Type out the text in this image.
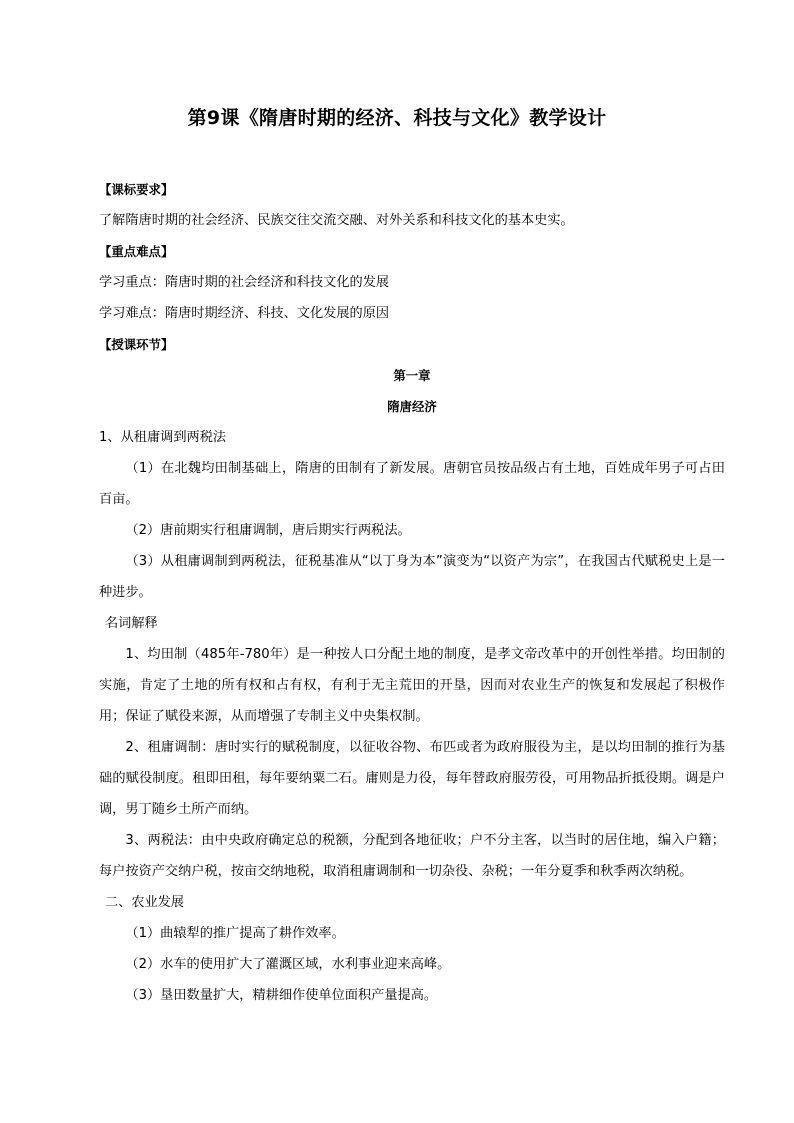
第9课《隋唐时期的经济、科技与文化》教学设计

【课标要求】

了解隋唐时期的社会经济、民族交往交流交融、对外关系和科技文化的基本史实。

【重点难点】

学习重点：隋唐时期的社会经济和科技文化的发展

学习难点：隋唐时期经济、科技、文化发展的原因

【授课环节】

第一章

隋唐经济

1、从租庸调到两税法

（1）在北魏均田制基础上，隋唐的田制有了新发展。唐朝官员按品级占有土地，百姓成年男子可占田百亩。

（2）唐前期实行租庸调制，唐后期实行两税法。

（3）从租庸调制到两税法，征税基准从“以丁身为本”演变为“以资产为宗”，在我国古代赋税史上是一种进步。

名词解释

1、均田制（485年-780年）是一种按人口分配土地的制度，是孝文帝改革中的开创性举措。均田制的实施，肯定了土地的所有权和占有权，有利于无主荒田的开垦，因而对农业生产的恢复和发展起了积极作用；保证了赋役来源，从而增强了专制主义中央集权制。

2、租庸调制：唐时实行的赋税制度，以征收谷物、布匹或者为政府服役为主，是以均田制的推行为基础的赋役制度。租即田租，每年要纳粟二石。庸则是力役，每年替政府服劳役，可用物品折抵役期。调是户调，男丁随乡土所产而纳。

3、两税法：由中央政府确定总的税额，分配到各地征收；户不分主客，以当时的居住地，编入户籍；每户按资产交纳户税，按亩交纳地税，取消租庸调制和一切杂役、杂税；一年分夏季和秋季两次纳税。

二、农业发展

（1）曲辕犁的推广提高了耕作效率。

（2）水车的使用扩大了灌溉区域，水利事业迎来高峰。

（3）垦田数量扩大，精耕细作使单位面积产量提高。
